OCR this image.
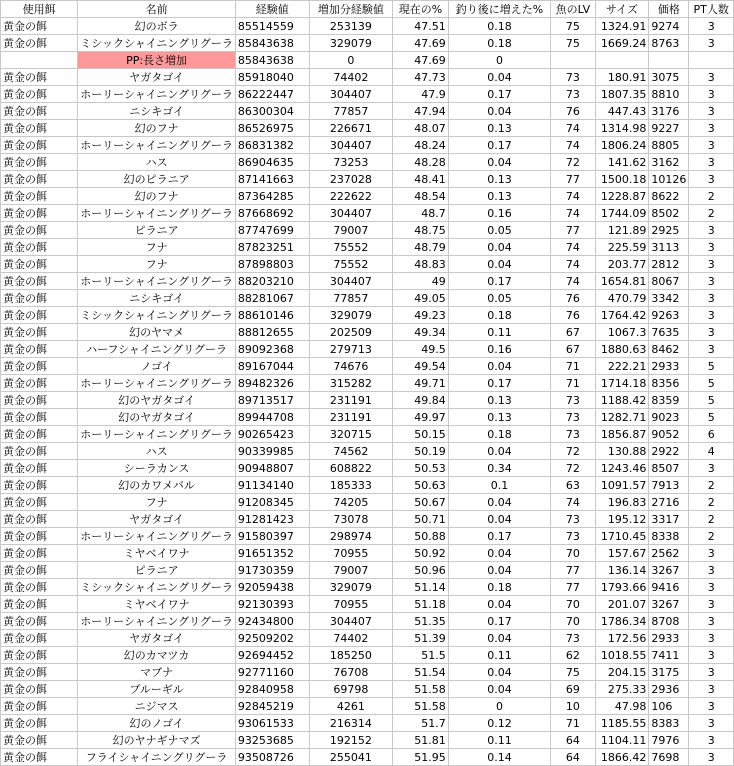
使用餌	名前	経験値	増加分経験値	現在の%	釣り後に増えた%	魚のLV	サイズ	価格	PT人数
黄金の餌	幻のボラ	85514559	253139	47.51	0.18	75	1324.91	9274	3
黄金の餌	ミシックシャイニングリグーラ	85843638	329079	47.69	0.18	75	1669.24	8763	3
	PP:長さ増加	85843638	0	47.69	0				
黄金の餌	ヤガタゴイ	85918040	74402	47.73	0.04	73	180.91	3075	3
黄金の餌	ホーリーシャイニングリグーラ	86222447	304407	47.9	0.17	73	1807.35	8810	3
黄金の餌	ニシキゴイ	86300304	77857	47.94	0.04	76	447.43	3176	3
黄金の餌	幻のフナ	86526975	226671	48.07	0.13	74	1314.98	9227	3
黄金の餌	ホーリーシャイニングリグーラ	86831382	304407	48.24	0.17	74	1806.24	8805	3
黄金の餌	ハス	86904635	73253	48.28	0.04	72	141.62	3162	3
黄金の餌	幻のピラニア	87141663	237028	48.41	0.13	77	1500.18	10126	3
黄金の餌	幻のフナ	87364285	222622	48.54	0.13	74	1228.87	8622	2
黄金の餌	ホーリーシャイニングリグーラ	87668692	304407	48.7	0.16	74	1744.09	8502	2
黄金の餌	ピラニア	87747699	79007	48.75	0.05	77	121.89	2925	3
黄金の餌	フナ	87823251	75552	48.79	0.04	74	225.59	3113	3
黄金の餌	フナ	87898803	75552	48.83	0.04	74	203.77	2812	3
黄金の餌	ホーリーシャイニングリグーラ	88203210	304407	49	0.17	74	1654.81	8067	3
黄金の餌	ニシキゴイ	88281067	77857	49.05	0.05	76	470.79	3342	3
黄金の餌	ミシックシャイニングリグーラ	88610146	329079	49.23	0.18	76	1764.42	9263	3
黄金の餌	幻のヤマメ	88812655	202509	49.34	0.11	67	1067.3	7635	3
黄金の餌	ハーフシャイニングリグーラ	89092368	279713	49.5	0.16	67	1880.63	8462	3
黄金の餌	ノゴイ	89167044	74676	49.54	0.04	71	222.21	2933	5
黄金の餌	ホーリーシャイニングリグーラ	89482326	315282	49.71	0.17	71	1714.18	8356	5
黄金の餌	幻のヤガタゴイ	89713517	231191	49.84	0.13	73	1188.42	8359	5
黄金の餌	幻のヤガタゴイ	89944708	231191	49.97	0.13	73	1282.71	9023	5
黄金の餌	ホーリーシャイニングリグーラ	90265423	320715	50.15	0.18	73	1856.87	9052	6
黄金の餌	ハス	90339985	74562	50.19	0.04	72	130.88	2922	4
黄金の餌	シーラカンス	90948807	608822	50.53	0.34	72	1243.46	8507	3
黄金の餌	幻のカワメバル	91134140	185333	50.63	0.1	63	1091.57	7913	2
黄金の餌	フナ	91208345	74205	50.67	0.04	74	196.83	2716	2
黄金の餌	ヤガタゴイ	91281423	73078	50.71	0.04	73	195.12	3317	2
黄金の餌	ホーリーシャイニングリグーラ	91580397	298974	50.88	0.17	73	1710.45	8338	2
黄金の餌	ミヤベイワナ	91651352	70955	50.92	0.04	70	157.67	2562	3
黄金の餌	ピラニア	91730359	79007	50.96	0.04	77	136.14	3267	3
黄金の餌	ミシックシャイニングリグーラ	92059438	329079	51.14	0.18	77	1793.66	9416	3
黄金の餌	ミヤベイワナ	92130393	70955	51.18	0.04	70	201.07	3267	3
黄金の餌	ホーリーシャイニングリグーラ	92434800	304407	51.35	0.17	70	1786.34	8708	3
黄金の餌	ヤガタゴイ	92509202	74402	51.39	0.04	73	172.56	2933	3
黄金の餌	幻のカマツカ	92694452	185250	51.5	0.11	62	1018.55	7411	3
黄金の餌	マブナ	92771160	76708	51.54	0.04	75	204.15	3175	3
黄金の餌	ブルーギル	92840958	69798	51.58	0.04	69	275.33	2936	3
黄金の餌	ニジマス	92845219	4261	51.58	0	10	47.98	106	3
黄金の餌	幻のノゴイ	93061533	216314	51.7	0.12	71	1185.55	8383	3
黄金の餌	幻のヤナギナマズ	93253685	192152	51.81	0.11	64	1104.11	7976	3
黄金の餌	フライシャイニングリグーラ	93508726	255041	51.95	0.14	64	1866.42	7698	3
